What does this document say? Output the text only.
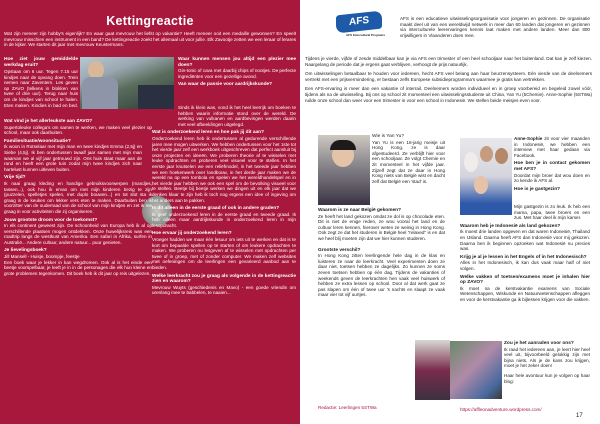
Kettingreactie
Wat zijn meneer zijn hobby's eigenlijk? En waar gaat mevrouw het liefst op vakantie? Heeft meneer ooit een medaille gewonnen? En speelt mevrouw misschien een instrument in een band? De kettingreactie zoekt het allemaal uit voor jullie. Elk Zavootje zetten we een leraar of lerares in de kijker. We starten dit jaar met mevrouw Keustermans.
Hoe ziet jouw gemiddelde werkdag eruit?

Opstaan om 6 uur. Tegen 7.15 uur kindjes naar de opvang doen. Trein nemen naar Zaventem. Les geven op ZAVO (telkens in blokken van twee of drie uur). Terug naar huis om de kindjes van school te halen. Eten maken. Kindjes in bad en bed.

Wat vind je het allerleukste aan ZAVO?

Supertoleuke collega's om samen te werken, we maken veel plezier op school, maar ook daarbuiten.

Familiesituatie/woonsituatie?

Ik woon in Rotselaar met mijn man en twee kindjes Emma (2,5j) en Siebe (4,5j). Ik ben ondertussen twaalf jaar samen met mijn man waarvan we al vijf jaar getrouwd zijn. Ons huis staat maar aan de rand en heeft een grote tuin zodat mijn twee kindjes zich naar hartelust kunnen uitleven buiten.

Vrije tijd?

Ik naai graag kleding en handige gebruiksvoorwerpen (mandjes, tassen...), ook hou ik ervan om met mijn kinderen bezig te zijn (puzzelen, spelletjes spelen, met duplo bouwen...) en tot slot sta ik graag in de keuken om lekker vers eten te maken. Daarbuiten ben ik voorzitter van de ouderraad van de school van mijn kindjes en zet ik me graag in voor activiteiten die zij organiseren.

Jouw grootste droom voor de toekomst?

In elk continent geweest zijn. De schoonheid van Europa heb ik al op verschillende plaatsen mogen ontdekken. Onze huwelijksreis was een roadtrip langs de westkust van Amerika. Een safari in Afrika, surfen in Australië... Andere cultuur, andere natuur... puur genieten.

Je lievelingsboek?

Jill Mansell - Huisje, boompje, feestje

Een boek waar je lekker in kan wegdromen. Ook al is het einde een beetje voorspelbaar, je leeft je in in de personages die elk hun kleine en grote problemen tegenkomen. Dit boek heb ik dit jaar op reis uitgelezen.

Waar kunnen mensen jou altijd een plezier mee doen?

Gin-tonic of cava met daarbij chips of nootjes. De perfecte ingrediënten voor een gezellige avond.

Van waar de passie voor aardrijkskunde?

Sinds ik klein was, vond ik het heel leerrijk om boeken te hebben waarin informatie stond over de wereld. De werking van vulkanen en aardbevingen werden daarin met veel afbeeldingen uitgelegd.

Wat is onderzoekend leren en hoe pak jij dit aan?

Onderzoekend leren heb ik ondertussen al gedurende verschillende jaren mee mogen uitwerken. We hebben ondertussen voor het 1ste tot het vierde jaar zelf een werkboek uitgeschreven dat perfect aansluit bij onze projecten en ideeën. We proberen theorie af te wisselen met leuke opdrachten en proberen veel visueel voor te stellen. In het eerste jaar knutselen we een reliëfmodel, in het tweede jaar hebben we een hoekenwerk over landbouw, in het derde jaar maken we de wereld na op een tombola en spelen we het wereldhandelspel en in het vierde jaar hebben we ook een spel om de bevolking visueel voor te stellen. Beetje bij beetje werken we dingen uit en elk jaar dat we denken klaar te zijn heb ik toch nog ergens een idee of ingeving om het anders aan te pakken.

Is dit alleen in de eerste graad of ook in andere graden?

Ik geef onderzoekend leren in de eerste graad en tweede graad. Ik heb alleen maar aardrijkskunde in onderzoekend leren in mijn lesopdracht.

Hoe ervaar jij onderzoekend leren?

Vroeger hadden we maar één lesuur om iets uit te werken en dat is te kort om bepaalde spellen op te starten of om leukere opdrachten te maken. We proberen nu lesgeven af te wisselen met opdrachten per twee of in groep, met of zonder computer. We maken zelf websites met oefeningen om de leerlingen een gevarieerd aanbod aan te bieden.

Welke leerkracht zou je graag als volgende in de kettingreactie zien en waarom?

Mevrouw Wuyts (geschiedenis en Mavo) - een goede vriendin om urenlang mee te babbelen, te naaien...

AFS
AFS Intercultural Programs
AFS is een educatieve uitwisselingsorganisatie voor jongeren en gezinnen. De organisatie maakt deel uit van een wereldwijd netwerk in meer dan 60 landen dat jongeren en gezinnen via interculturele leerervaringen kennis laat maken met andere landen. Meer dan 800 vrijwilligers in Vlaanderen doen mee.

Tijdens je vierde, vijfde of zesde middelbaar kan je via AFS een trimester of een heel schooljaar naar het buitenland. Dat kan je zelf kiezen. Naargelang de periode dat je ergens gaat verblijven, verhoogt de prijs natuurlijk.

Om uitwisselingen betaalbaar te houden voor iedereen, hecht AFS veel belang aan haar beurzensysteem. Eén vierde van de deelnemers vertrekt met een prijsvermindering, er bestaan zelfs Europese subsidieprogramma's waarmee je gratis kan vertrekken.

Een AFS-ervaring is meer dan een vakantie of interrail. Deelnemers worden individueel en in groep voorbereid en begeleid zowel vóór, tijdens als na de uitwisseling. Bij ons op school zit momenteel een uitwisselingsstudente uit China, Yan Yu (5Chemie). Anne-Sophie (5STWa) ruilde onze school dan weer voor een trimester in voor een school in Indonesië. We stellen beide meisjes even voor.

Wie is Yan Yu?

Yan Yu is een 18-jarig meisje uit Hong Kong, ze is daar afgestudeerd. Ze verblijft hier voor een schooljaar. Ze volgt Chemie en zit momenteel in het vijfde jaar. Zijzelf zegt dat ze daar in Hong Kong niets van België wist en dacht zelf dat België een 'stad' is.

Waarom is ze naar België gekomen?

Ze heeft het land gekozen omdat ze dol is op chocolade eten. Dit is niet de enige reden, ze wou vooral het land en de cultuur leren kennen, hierover weten ze weinig in Hong Kong. Ook zegt ze dat het studeren in België heel "relaxed" is en dat we heel blij moeten zijn dat we hier kunnen studeren.

Grootste verschil?

In Hong Kong zitten leerlingende hele dag in de klas en luisteren ze naar de leerkracht. Veel experimenten doen ze daar niet, toetsen hebben ze dagelijks. Zo kunnen ze soms zeven toetsen hebben op één dag. Tijdens de vakanties of weekends geven de leerkrachten hen vaak veel huiswerk of hebben ze extra lessen op school. Door al dat werk gaat ze pas slapen om één of twee uur 's nachts en slaapt ze vaak maar vier tot vijf uurtjes.

Redactie: Leerlingen 5STWa

Anne-Sophie zit voor vier maanden in Indonesië, we hebben een interview met haar gedaan via Facebook.

Hoe ben je in contact gekomen met AFS?

Doordat mijn broer dat wou doen en zo kende ik AFS al.

Hoe is je gastgezin?

Mijn gastgezin is zo leuk. Ik heb een mama, papa, twee broers en een zus. Met haar deel ik mijn kamer.

Waarom heb je Indonesië als land gekozen?

Ik moest drie landen opgeven en dat waren Indonesië, Thailand en IJsland. Daarna heeft AFS dan Indonesië voor mij gekozen. Daarna ben ik beginnen opzoeken wat Indonesië nu precies was.

Krijg je al je lessen in het Engels of in het Indonesisch?

Alles in het Indonesisch, ik kan dus vaak maar half of niet volgen.

Welke vakken of toetsen/examens moet je inhalen hier op ZAVO?

Ik moet na de kerstvakantie examens van Sociale Wetenschappen, Wiskunde en Natuurwetenschappen afleggen en voor de kerstvakantie ga ik bijlessen krijgen voor die vakken.

Zou je het aanraden voor ons?

Ik raad het iedereen aan, je leert hier heel veel uit, bijvoorbeeld gelukkig zijn met bijna niets. Als je de kans zou krijgen, moet je het zeker doen!

Haar hele avontuur kun je volgen op haar blog:

https://affleonadventure.wordpress.com/
17
